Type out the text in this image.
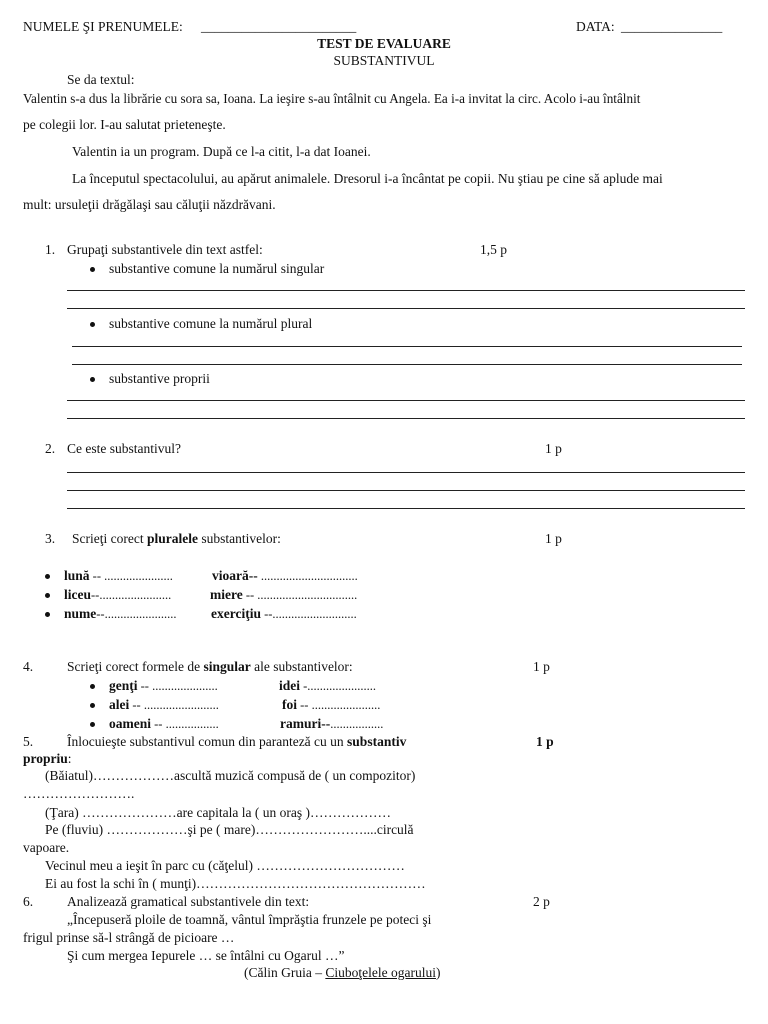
NUMELE ŞI PRENUMELE: _______________________	DATA: _______________
TEST DE EVALUARE
SUBSTANTIVUL
Se da textul:
Valentin s-a dus la librărie cu sora sa, Ioana. La ieşire s-au întâlnit cu Angela. Ea i-a invitat la circ. Acolo i-au întâlnit
pe colegii lor. I-au salutat prieteneşte.
Valentin ia un program. După ce l-a citit, l-a dat Ioanei.
La începutul spectacolului, au apărut animalele. Dresorul i-a încântat pe copii. Nu ştiau pe cine să aplude mai
mult: ursuleţii drăgălaşi sau căluţii năzdrăvani.
1. Grupaţi substantivele din text astfel:	1,5 p
substantive comune la numărul singular
substantive comune la numărul plural
substantive proprii
2. Ce este substantivul?	1 p
3. Scrieţi corect pluralele substantivelor:	1 p
lună -- ......................	vioară-- ...............................
liceu--.......................	miere -- ................................
nume--.......................	exerciţiu --...........................
4.	Scrieţi corect formele de singular ale substantivelor:	1 p
genţi -- .....................	idei -......................
alei -- ........................	foi -- ......................
oameni -- .................	ramuri--.................
5.	Înlocuieşte substantivul comun din paranteză cu un substantiv	1 p
propriu:
(Băiatul)………………ascultă muzică compusă de ( un compozitor)
…………………….
(Ţara) …………………are capitala la ( un oraş )………………
Pe (fluviu) ………………şi pe ( mare)……………………....circulă
vapoare.
Vecinul meu a ieşit în parc cu (căţelul) ……………………………
Ei au fost la schi în ( munţi)……………………………………………
6.	Analizează gramatical substantivele din text:	2 p
„Începuseră ploile de toamnă, vântul împrăştia frunzele pe poteci şi
frigul prinse să-l strângă de picioare …
Şi cum mergea Iepurele … se întâlni cu Ogarul …”
(Călin Gruia – Ciuboţelele ogarului)
